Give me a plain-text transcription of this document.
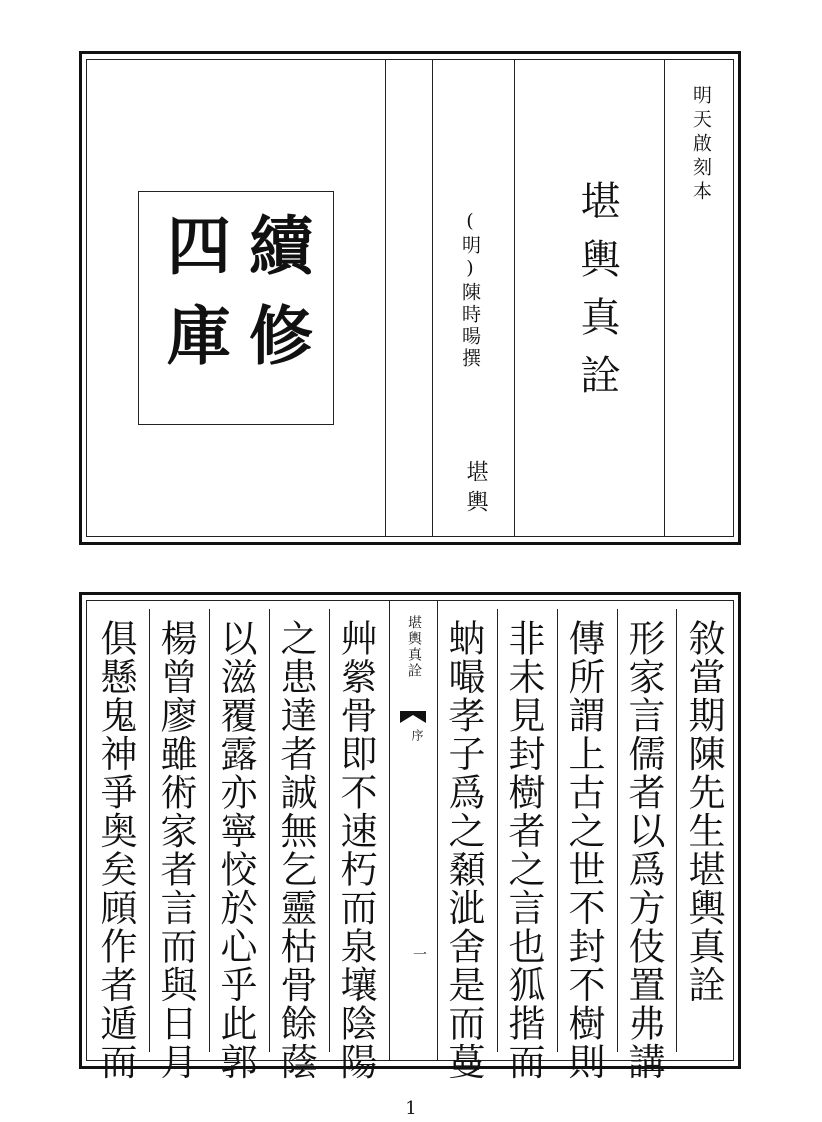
明天啟刻本
堪輿真詮
(明)陳時暘撰
堪輿
續修
四庫
敘當期陳先生堪輿真詮
形家言儒者以爲方伎置弗講
傳所謂上古之世不封不樹則
非未見封樹者之言也狐揩而
蚋嘬孝子爲之顙泚舍是而蔓
堪輿真詮
序
一
艸縈骨即不速朽而泉壤陰陽
之患達者誠無乞靈枯骨餘蔭
以滋覆露亦寧恔於心乎此郭
楊曾廖雖術家者言而與日月
俱懸鬼神爭奥矣頋作者遁而
1
